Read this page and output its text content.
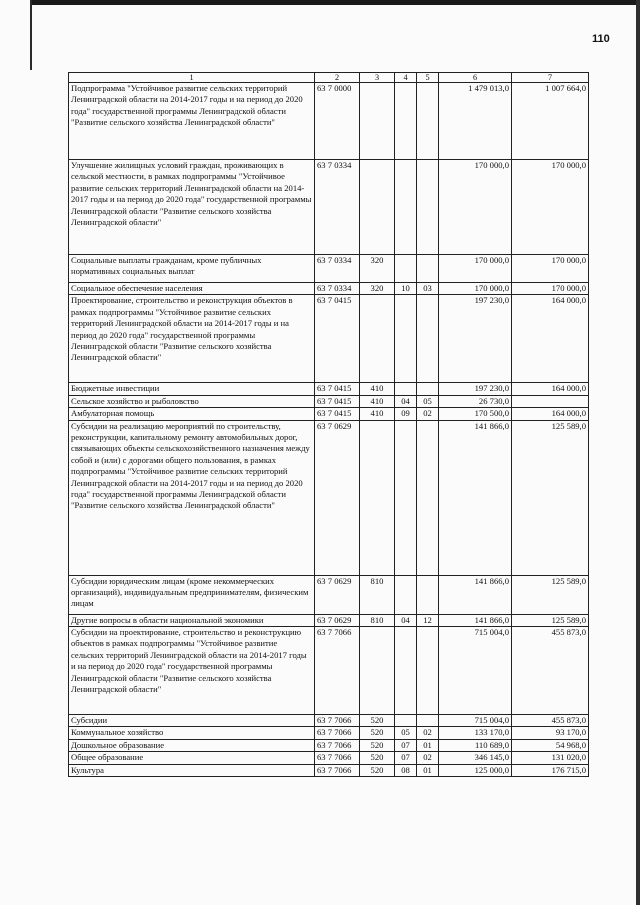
110
1	2	3	4	5	6	7
Подпрограмма "Устойчивое развитие сельских территорий Ленинградской области на 2014-2017 годы и на период до 2020 года" государственной программы Ленинградской области "Развитие сельского хозяйства Ленинградской области"	63 7 0000				1 479 013,0	1 007 664,0
Улучшение жилищных условий граждан, проживающих в сельской местности, в рамках подпрограммы "Устойчивое развитие сельских территорий Ленинградской области на 2014-2017 годы и на период до 2020 года" государственной программы Ленинградской области "Развитие сельского хозяйства Ленинградской области"	63 7 0334				170 000,0	170 000,0
Социальные выплаты гражданам, кроме публичных нормативных социальных выплат	63 7 0334	320			170 000,0	170 000,0
Социальное обеспечение населения	63 7 0334	320	10	03	170 000,0	170 000,0
Проектирование, строительство и реконструкция объектов в рамках подпрограммы "Устойчивое развитие сельских территорий Ленинградской области на 2014-2017 годы и на период до 2020 года" государственной программы Ленинградской области "Развитие сельского хозяйства Ленинградской области"	63 7 0415				197 230,0	164 000,0
Бюджетные инвестиции	63 7 0415	410			197 230,0	164 000,0
Сельское хозяйство и рыболовство	63 7 0415	410	04	05	26 730,0	
Амбулаторная помощь	63 7 0415	410	09	02	170 500,0	164 000,0
Субсидии на реализацию мероприятий по строительству, реконструкции, капитальному ремонту автомобильных дорог, связывающих объекты сельскохозяйственного назначения между собой и (или) с дорогами общего пользования, в рамках подпрограммы "Устойчивое развитие сельских территорий Ленинградской области на 2014-2017 годы и на период до 2020 года" государственной программы Ленинградской области "Развитие сельского хозяйства Ленинградской области"	63 7 0629				141 866,0	125 589,0
Субсидии юридическим лицам (кроме некоммерческих организаций), индивидуальным предпринимателям, физическим лицам	63 7 0629	810			141 866,0	125 589,0
Другие вопросы в области национальной экономики	63 7 0629	810	04	12	141 866,0	125 589,0
Субсидии на проектирование, строительство и реконструкцию объектов в рамках подпрограммы "Устойчивое развитие сельских территорий Ленинградской области на 2014-2017 годы и на период до 2020 года" государственной программы Ленинградской области "Развитие сельского хозяйства Ленинградской области"	63 7 7066				715 004,0	455 873,0
Субсидии	63 7 7066	520			715 004,0	455 873,0
Коммунальное хозяйство	63 7 7066	520	05	02	133 170,0	93 170,0
Дошкольное образование	63 7 7066	520	07	01	110 689,0	54 968,0
Общее образование	63 7 7066	520	07	02	346 145,0	131 020,0
Культура	63 7 7066	520	08	01	125 000,0	176 715,0
